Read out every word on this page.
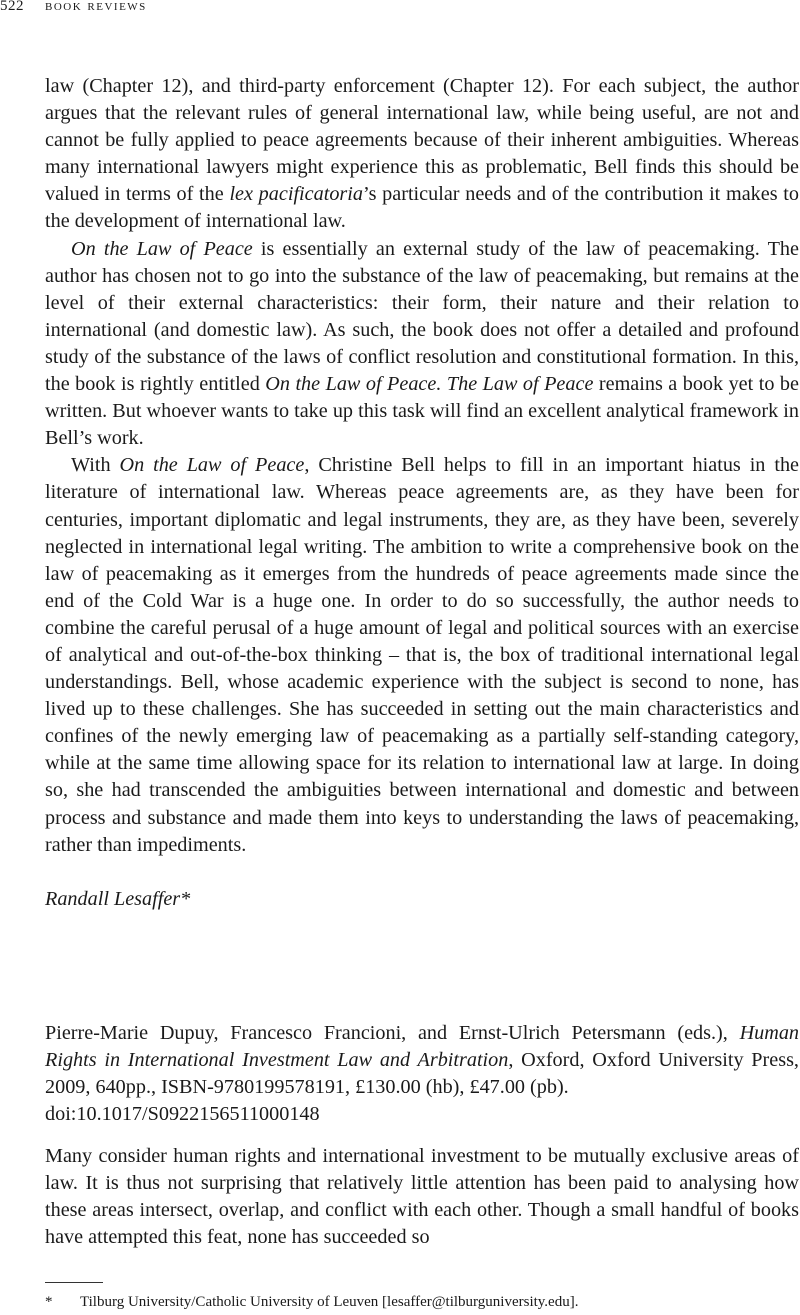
522 book reviews

law (Chapter 12), and third-party enforcement (Chapter 12). For each subject, the author argues that the relevant rules of general international law, while being useful, are not and cannot be fully applied to peace agreements because of their inherent ambiguities. Whereas many international lawyers might experience this as problematic, Bell finds this should be valued in terms of the lex pacificatoria’s particular needs and of the contribution it makes to the development of international law.

On the Law of Peace is essentially an external study of the law of peacemaking. The author has chosen not to go into the substance of the law of peacemaking, but remains at the level of their external characteristics: their form, their nature and their relation to international (and domestic law). As such, the book does not offer a detailed and profound study of the substance of the laws of conflict resolution and constitutional formation. In this, the book is rightly entitled On the Law of Peace. The Law of Peace remains a book yet to be written. But whoever wants to take up this task will find an excellent analytical framework in Bell’s work.

With On the Law of Peace, Christine Bell helps to fill in an important hiatus in the literature of international law. Whereas peace agreements are, as they have been for centuries, important diplomatic and legal instruments, they are, as they have been, severely neglected in international legal writing. The ambition to write a comprehensive book on the law of peacemaking as it emerges from the hundreds of peace agreements made since the end of the Cold War is a huge one. In order to do so successfully, the author needs to combine the careful perusal of a huge amount of legal and political sources with an exercise of analytical and out-of-the-box thinking – that is, the box of traditional international legal understandings. Bell, whose academic experience with the subject is second to none, has lived up to these challenges. She has succeeded in setting out the main characteristics and confines of the newly emerging law of peacemaking as a partially self-standing category, while at the same time allowing space for its relation to international law at large. In doing so, she had transcended the ambiguities between international and domestic and between process and substance and made them into keys to understanding the laws of peacemaking, rather than impediments.

Randall Lesaffer*

Pierre-Marie Dupuy, Francesco Francioni, and Ernst-Ulrich Petersmann (eds.), Human Rights in International Investment Law and Arbitration, Oxford, Oxford University Press, 2009, 640pp., ISBN-9780199578191, £130.00 (hb), £47.00 (pb).

doi:10.1017/S0922156511000148

Many consider human rights and international investment to be mutually exclusive areas of law. It is thus not surprising that relatively little attention has been paid to analysing how these areas intersect, overlap, and conflict with each other. Though a small handful of books have attempted this feat, none has succeeded so

* Tilburg University/Catholic University of Leuven [lesaffer@tilburguniversity.edu].
